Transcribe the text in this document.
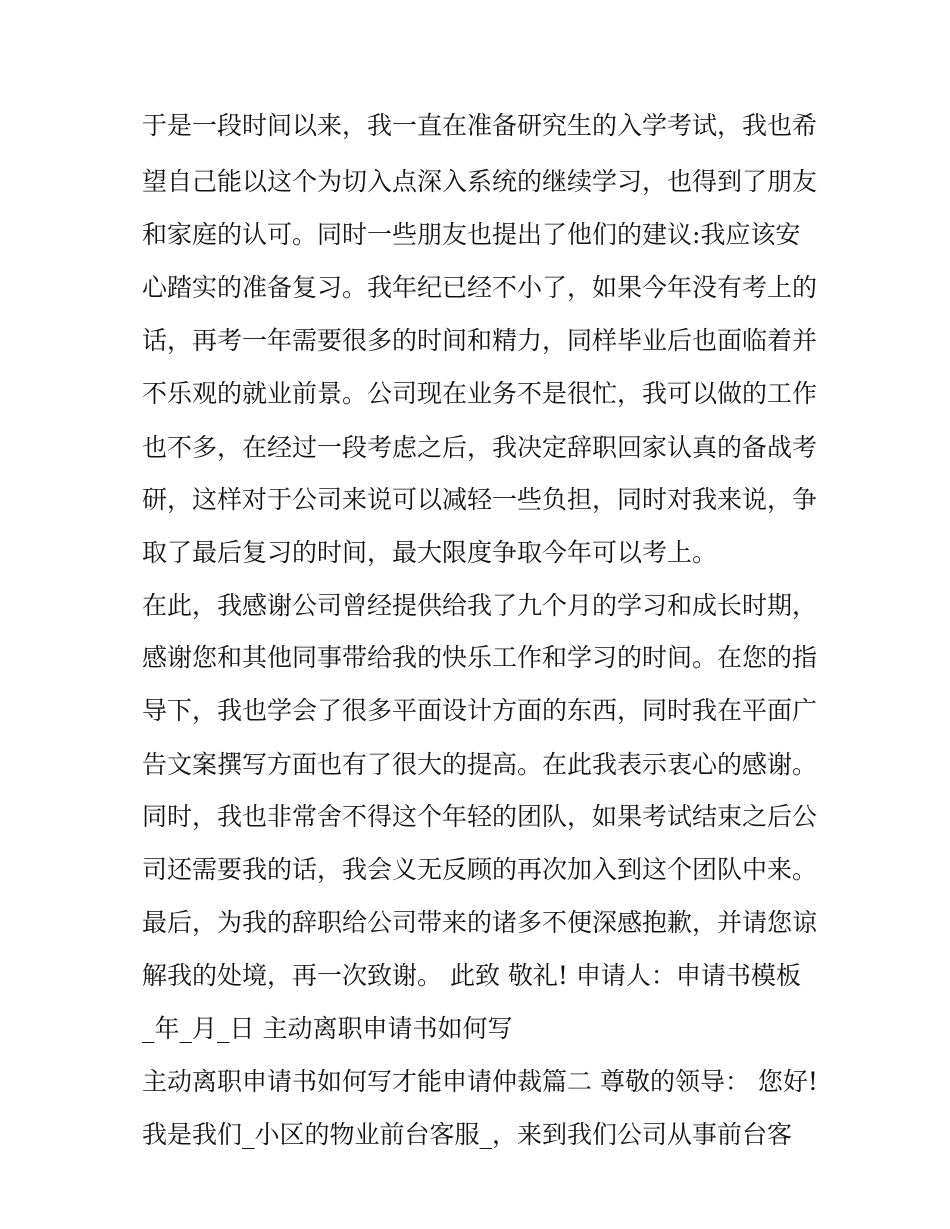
于是一段时间以来，我一直在准备研究生的入学考试，我也希
望自己能以这个为切入点深入系统的继续学习，也得到了朋友
和家庭的认可。同时一些朋友也提出了他们的建议:我应该安
心踏实的准备复习。我年纪已经不小了，如果今年没有考上的
话，再考一年需要很多的时间和精力，同样毕业后也面临着并
不乐观的就业前景。公司现在业务不是很忙，我可以做的工作
也不多，在经过一段考虑之后，我决定辞职回家认真的备战考
研，这样对于公司来说可以减轻一些负担，同时对我来说，争
取了最后复习的时间，最大限度争取今年可以考上。
在此，我感谢公司曾经提供给我了九个月的学习和成长时期，
感谢您和其他同事带给我的快乐工作和学习的时间。在您的指
导下，我也学会了很多平面设计方面的东西，同时我在平面广
告文案撰写方面也有了很大的提高。在此我表示衷心的感谢。
同时，我也非常舍不得这个年轻的团队，如果考试结束之后公
司还需要我的话，我会义无反顾的再次加入到这个团队中来。
最后，为我的辞职给公司带来的诸多不便深感抱歉，并请您谅
解我的处境，再一次致谢。 此致 敬礼! 申请人：申请书模板
_年_月_日 主动离职申请书如何写
主动离职申请书如何写才能申请仲裁篇二 尊敬的领导： 您好!
我是我们_小区的物业前台客服_，来到我们公司从事前台客
